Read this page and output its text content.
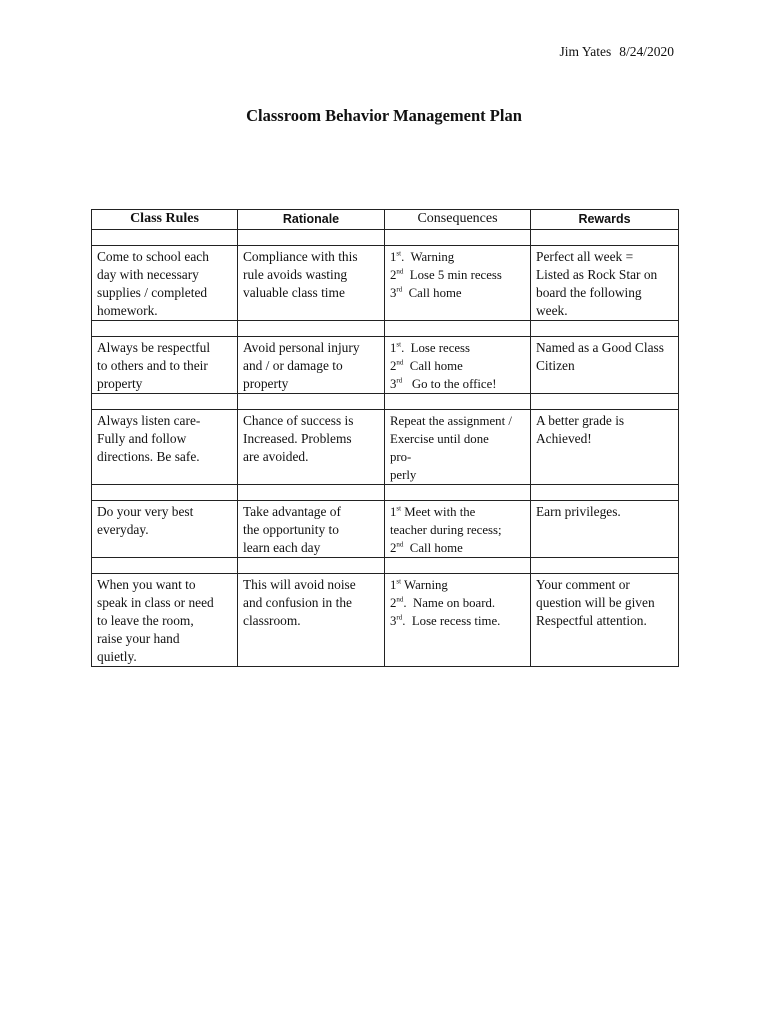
Jim Yates 8/24/2020
Classroom Behavior Management Plan
Class Rules	Rationale	Consequences	Rewards

Come to school each
day with necessary
supplies / completed
homework.	Compliance with this
rule avoids wasting
valuable class time	1st.  Warning
2nd  Lose 5 min recess
3rd  Call home	Perfect all week =
Listed as Rock Star on
board the following
week.

Always be respectful
to others and to their
property	Avoid personal injury
and / or damage to
property	1st.  Lose recess
2nd  Call home
3rd   Go to the office!	Named as a Good Class
Citizen

Always listen care-
Fully and follow
directions. Be safe.	Chance of success is
Increased. Problems
are avoided.	Repeat the assignment /
Exercise until done
pro-
perly	A better grade is
Achieved!

Do your very best
everyday.	Take advantage of
the opportunity to
learn each day	1st Meet with the
teacher during recess;
2nd  Call home	Earn privileges.

When you want to
speak in class or need
to leave the room,
raise your hand
quietly.	This will avoid noise
and confusion in the
classroom.	1st Warning
2nd.  Name on board.
3rd.  Lose recess time.	Your comment or
question will be given
Respectful attention.
